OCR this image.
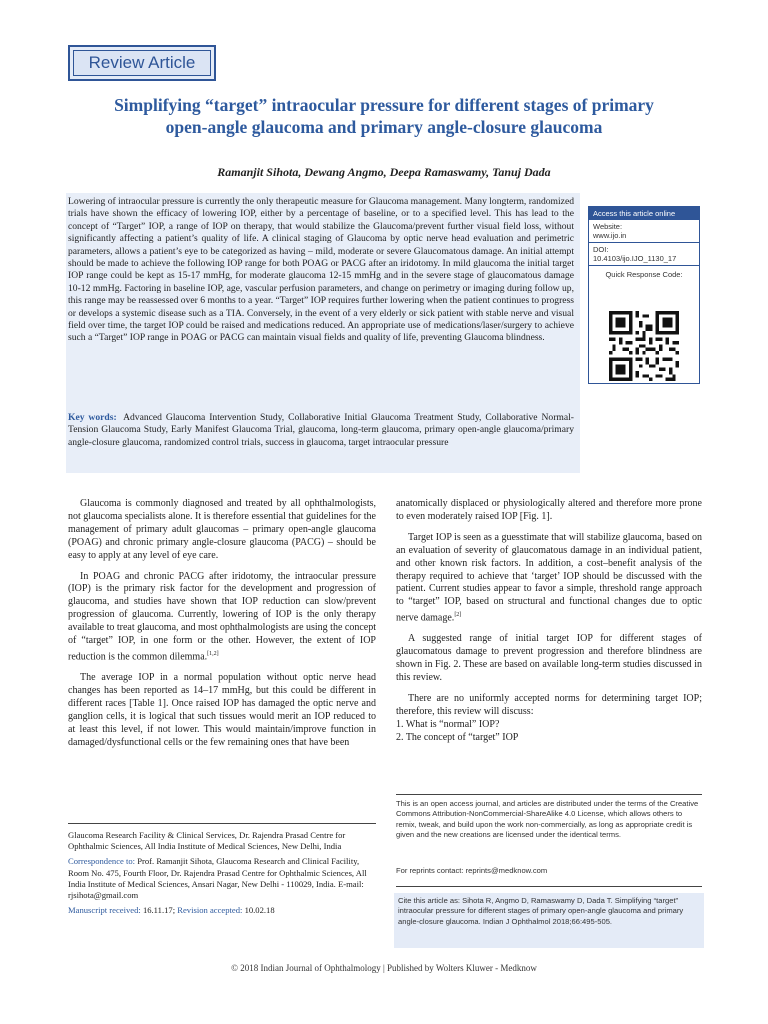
Review Article
Simplifying “target” intraocular pressure for different stages of primary
open-angle glaucoma and primary angle-closure glaucoma
Ramanjit Sihota, Dewang Angmo, Deepa Ramaswamy, Tanuj Dada
Lowering of intraocular pressure is currently the only therapeutic measure for Glaucoma management. Many longterm, randomized trials have shown the efficacy of lowering IOP, either by a percentage of baseline, or to a specified level. This has lead to the concept of “Target” IOP, a range of IOP on therapy, that would stabilize the Glaucoma/prevent further visual field loss, without significantly affecting a patient’s quality of life. A clinical staging of Glaucoma by optic nerve head evaluation and perimetric parameters, allows a patient’s eye to be categorized as having – mild, moderate or severe Glaucomatous damage. An initial attempt should be made to achieve the following IOP range for both POAG or PACG after an iridotomy. In mild glaucoma the initial target IOP range could be kept as 15-17 mmHg, for moderate glaucoma 12-15 mmHg and in the severe stage of glaucomatous damage 10-12 mmHg. Factoring in baseline IOP, age, vascular perfusion parameters, and change on perimetry or imaging during follow up, this range may be reassessed over 6 months to a year. “Target” IOP requires further lowering when the patient continues to progress or develops a systemic disease such as a TIA. Conversely, in the event of a very elderly or sick patient with stable nerve and visual field over time, the target IOP could be raised and medications reduced. An appropriate use of medications/laser/surgery to achieve such a “Target” IOP range in POAG or PACG can maintain visual fields and quality of life, preventing Glaucoma blindness.
Key words: Advanced Glaucoma Intervention Study, Collaborative Initial Glaucoma Treatment Study, Collaborative Normal-Tension Glaucoma Study, Early Manifest Glaucoma Trial, glaucoma, long-term glaucoma, primary open-angle glaucoma/primary angle-closure glaucoma, randomized control trials, success in glaucoma, target intraocular pressure
Access this article online
Website:
www.ijo.in
DOI:
10.4103/ijo.IJO_1130_17
Quick Response Code:

Glaucoma is commonly diagnosed and treated by all ophthalmologists, not glaucoma specialists alone. It is therefore essential that guidelines for the management of primary adult glaucomas – primary open-angle glaucoma (POAG) and chronic primary angle-closure glaucoma (PACG) – should be easy to apply at any level of eye care.

In POAG and chronic PACG after iridotomy, the intraocular pressure (IOP) is the primary risk factor for the development and progression of glaucoma, and studies have shown that IOP reduction can slow/prevent progression of glaucoma. Currently, lowering of IOP is the only therapy available to treat glaucoma, and most ophthalmologists are using the concept of “target” IOP, in one form or the other. However, the extent of IOP reduction is the common dilemma.[1,2]

The average IOP in a normal population without optic nerve head changes has been reported as 14–17 mmHg, but this could be different in different races [Table 1]. Once raised IOP has damaged the optic nerve and ganglion cells, it is logical that such tissues would merit an IOP reduced to at least this level, if not lower. This would maintain/improve function in damaged/dysfunctional cells or the few remaining ones that have been

anatomically displaced or physiologically altered and therefore more prone to even moderately raised IOP [Fig. 1].

Target IOP is seen as a guesstimate that will stabilize glaucoma, based on an evaluation of severity of glaucomatous damage in an individual patient, and other known risk factors. In addition, a cost–benefit analysis of the therapy required to achieve that ‘target’ IOP should be discussed with the patient. Current studies appear to favor a simple, threshold range approach to “target” IOP, based on structural and functional changes due to optic nerve damage.[2]

A suggested range of initial target IOP for different stages of glaucomatous damage to prevent progression and therefore blindness are shown in Fig. 2. These are based on available long-term studies discussed in this review.

There are no uniformly accepted norms for determining target IOP; therefore, this review will discuss:

1. What is “normal” IOP?

2. The concept of “target” IOP

Glaucoma Research Facility & Clinical Services, Dr. Rajendra Prasad Centre for Ophthalmic Sciences, All India Institute of Medical Sciences, New Delhi, India
Correspondence to: Prof. Ramanjit Sihota, Glaucoma Research and Clinical Facility, Room No. 475, Fourth Floor, Dr. Rajendra Prasad Centre for Ophthalmic Sciences, All India Institute of Medical Sciences, Ansari Nagar, New Delhi - 110029, India. E-mail: rjsihota@gmail.com
Manuscript received: 16.11.17; Revision accepted: 10.02.18
This is an open access journal, and articles are distributed under the terms of the Creative Commons Attribution-NonCommercial-ShareAlike 4.0 License, which allows others to remix, tweak, and build upon the work non-commercially, as long as appropriate credit is given and the new creations are licensed under the identical terms.
For reprints contact: reprints@medknow.com
Cite this article as: Sihota R, Angmo D, Ramaswamy D, Dada T. Simplifying “target” intraocular pressure for different stages of primary open-angle glaucoma and primary angle-closure glaucoma. Indian J Ophthalmol 2018;66:495-505.
© 2018 Indian Journal of Ophthalmology | Published by Wolters Kluwer - Medknow
